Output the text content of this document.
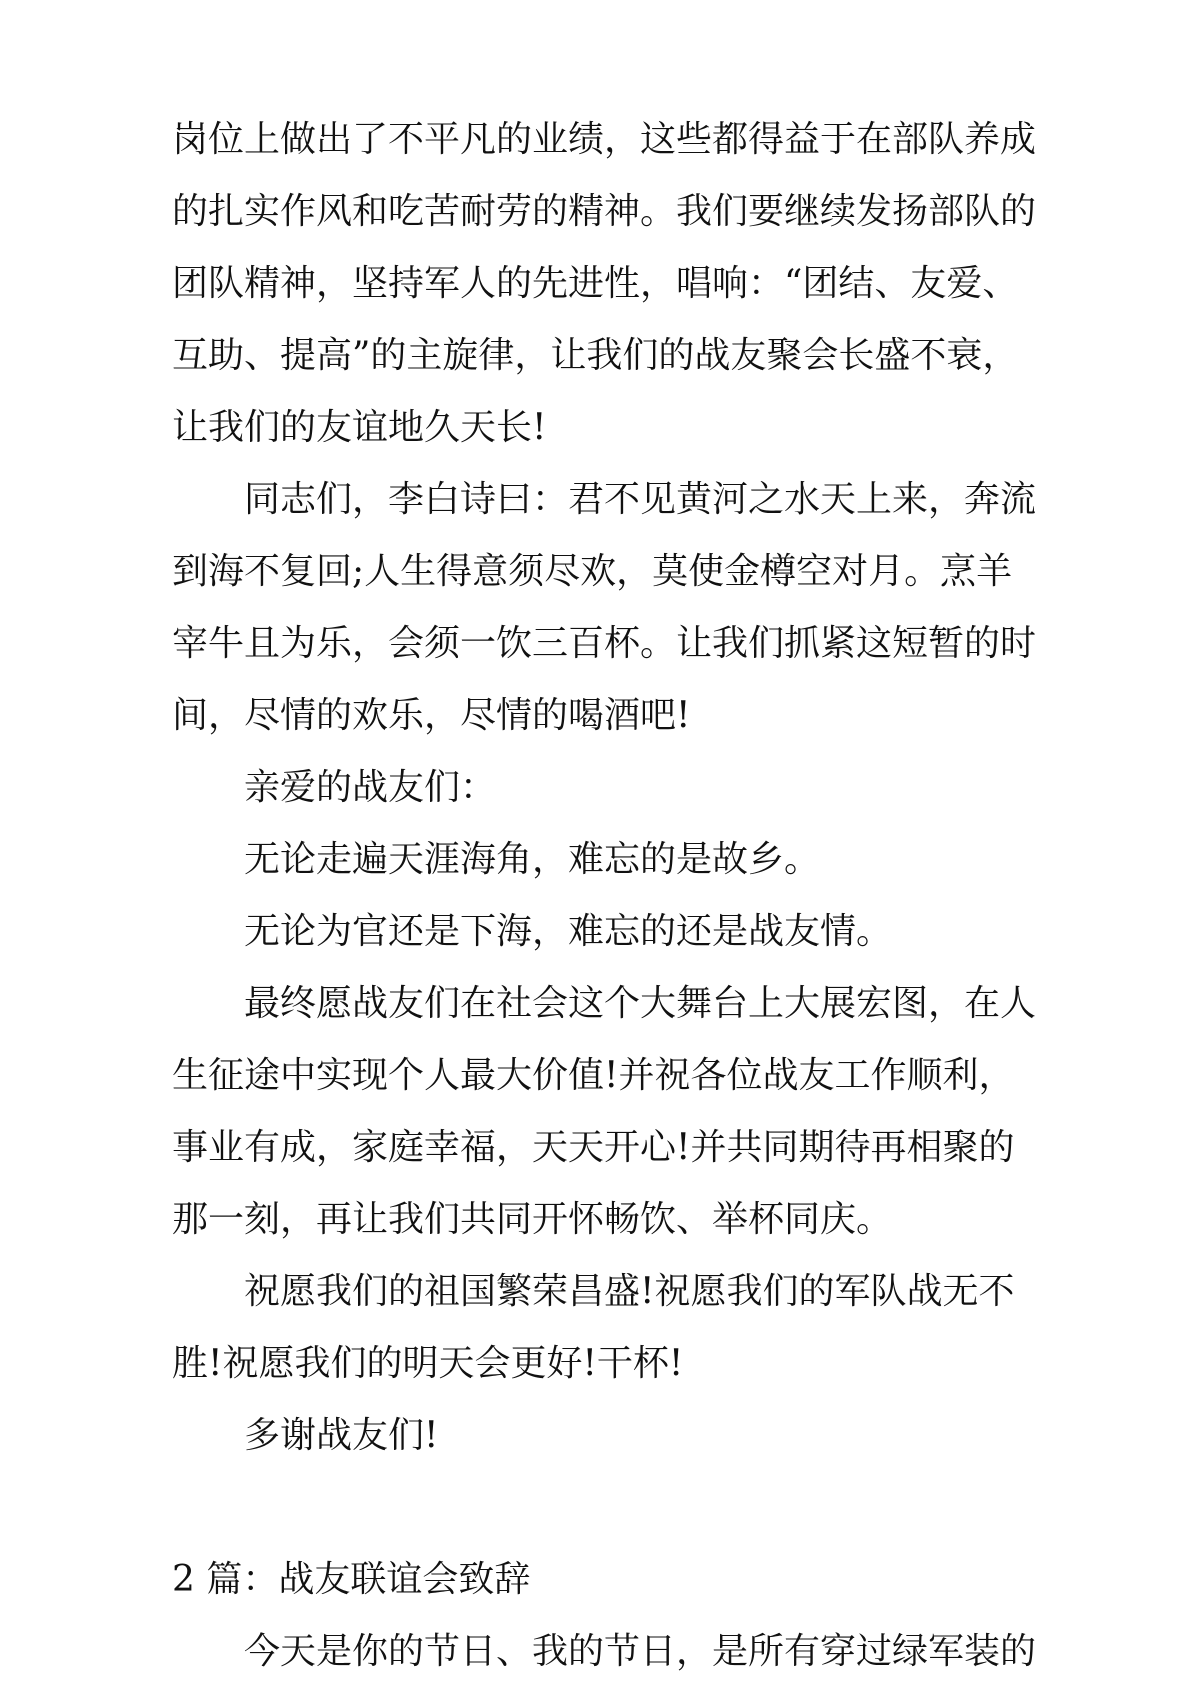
岗位上做出了不平凡的业绩，这些都得益于在部队养成
的扎实作风和吃苦耐劳的精神。我们要继续发扬部队的
团队精神，坚持军人的先进性，唱响：“团结、友爱、
互助、提高”的主旋律，让我们的战友聚会长盛不衰，
让我们的友谊地久天长!
同志们，李白诗曰：君不见黄河之水天上来，奔流
到海不复回;人生得意须尽欢，莫使金樽空对月。烹羊
宰牛且为乐，会须一饮三百杯。让我们抓紧这短暂的时
间，尽情的欢乐，尽情的喝酒吧!
亲爱的战友们：
无论走遍天涯海角，难忘的是故乡。
无论为官还是下海，难忘的还是战友情。
最终愿战友们在社会这个大舞台上大展宏图，在人
生征途中实现个人最大价值!并祝各位战友工作顺利，
事业有成，家庭幸福，天天开心!并共同期待再相聚的
那一刻，再让我们共同开怀畅饮、举杯同庆。
祝愿我们的祖国繁荣昌盛!祝愿我们的军队战无不
胜!祝愿我们的明天会更好!干杯!
多谢战友们!
2 篇：战友联谊会致辞
今天是你的节日、我的节日，是所有穿过绿军装的
